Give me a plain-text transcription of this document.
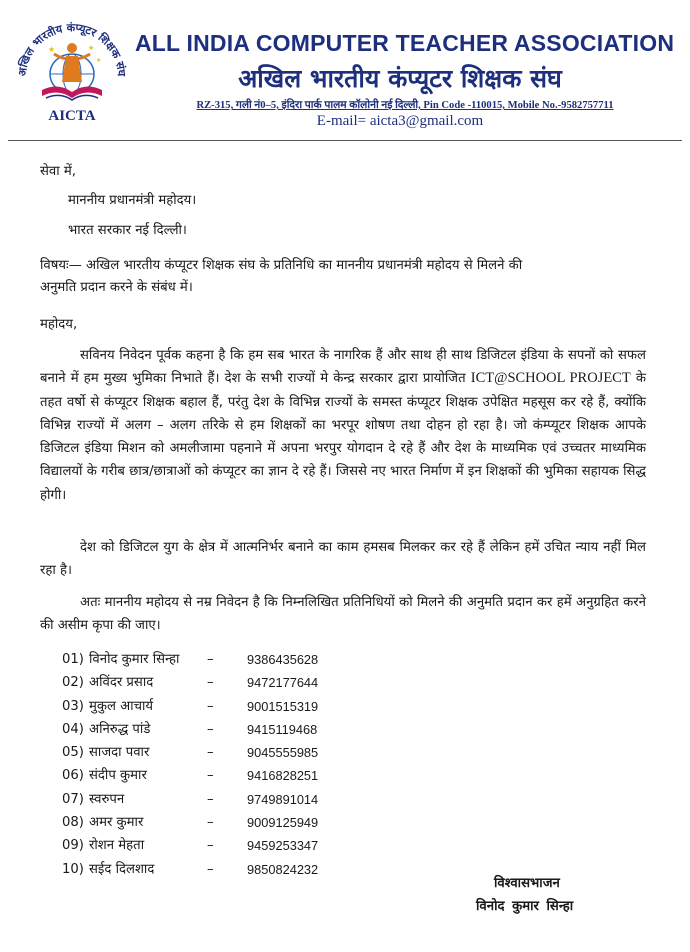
अखिल भारतीय कंप्यूटर शिक्षक संघ
★	★
★
AICTA
ALL INDIA COMPUTER TEACHER ASSOCIATION
अखिल भारतीय कंप्यूटर शिक्षक संघ
RZ-315, गली नं0–5, इंदिरा पार्क पालम कॉलोनी नई दिल्ली, Pin Code -110015, Mobile No.-9582757711
E-mail= aicta3@gmail.com
सेवा में,
माननीय प्रधानमंत्री महोदय।
भारत सरकार नई दिल्ली।
विषयः— अखिल भारतीय कंप्यूटर शिक्षक संघ के प्रतिनिधि का माननीय प्रधानमंत्री महोदय से मिलने की
अनुमति प्रदान करने के संबंध में।
महोदय,
सविनय निवेदन पूर्वक कहना है कि हम सब भारत के नागरिक हैं और साथ ही साथ डिजिटल इंडिया के सपनों को सफल बनाने में हम मुख्य भुमिका निभाते हैं। देश के सभी राज्यों मे केन्द्र सरकार द्वारा प्रायोजित ICT@SCHOOL PROJECT के तहत वर्षो से कंप्यूटर शिक्षक बहाल हैं, परंतु देश के विभिन्न राज्यों के समस्त कंप्यूटर शिक्षक उपेक्षित महसूस कर रहे हैं, क्योंकि विभिन्न राज्यों में अलग – अलग तरिके से हम शिक्षकों का भरपूर शोषण तथा दोहन हो रहा है। जो कंम्प्यूटर शिक्षक आपके डिजिटल इंडिया मिशन को अमलीजामा पहनाने में अपना भरपुर योगदान दे रहे हैं और देश के माध्यमिक एवं उच्चतर माध्यमिक विद्यालयों के गरीब छात्र/छात्राओं को कंप्यूटर का ज्ञान दे रहे हैं। जिससे नए भारत निर्माण में इन शिक्षकों की भुमिका सहायक सिद्ध होगी।
देश को डिजिटल युग के क्षेत्र में आत्मनिर्भर बनाने का काम हमसब मिलकर कर रहे हैं लेकिन हमें उचित न्याय नहीं मिल रहा है।
अतः माननीय महोदय से नम्र निवेदन है कि निम्नलिखित प्रतिनिधियों को मिलने की अनुमति प्रदान कर हमें अनुग्रहित करने की असीम कृपा की जाए।
01) विनोद कुमार सिन्हा –	9386435628
02) अविंदर प्रसाद	–	9472177644
03) मुकुल आचार्य	–	9001515319
04) अनिरुद्ध पांडे	–	9415119468
05) साजदा पवार	–	9045555985
06) संदीप कुमार	–	9416828251
07) स्वरुपन	–	9749891014
08) अमर कुमार	–	9009125949
09) रोशन मेहता	–	9459253347
10) सईद दिलशाद	–	9850824232
विश्वासभाजन
विनोद कुमार सिन्हा
